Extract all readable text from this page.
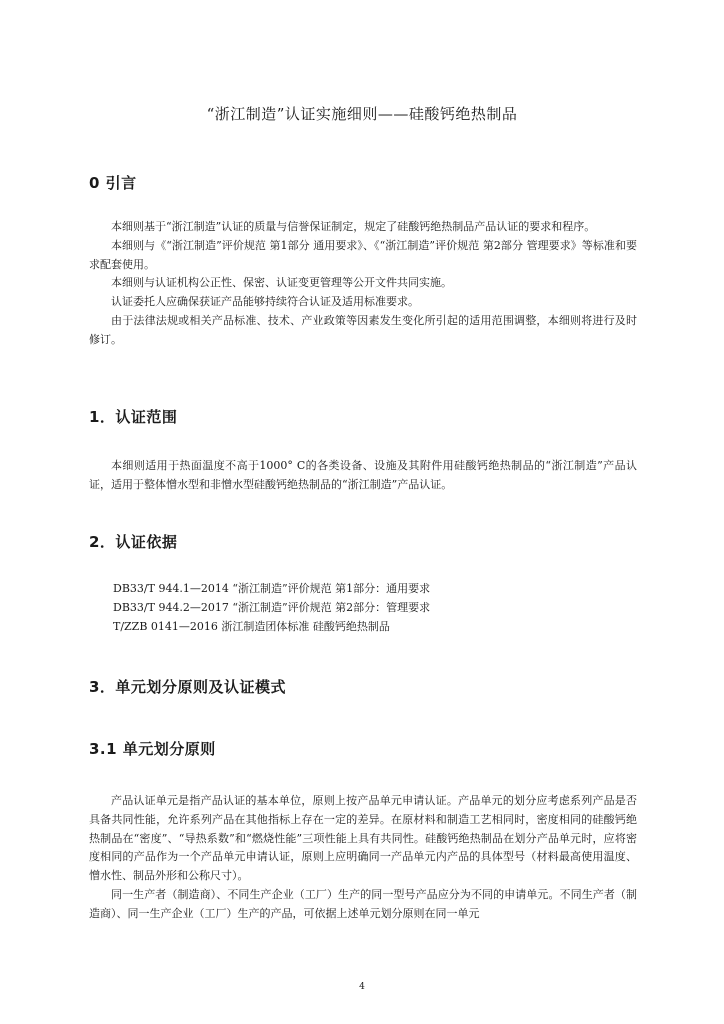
“浙江制造”认证实施细则——硅酸钙绝热制品
0 引言

本细则基于“浙江制造”认证的质量与信誉保证制定，规定了硅酸钙绝热制品产品认证的要求和程序。

本细则与《“浙江制造”评价规范 第1部分 通用要求》、《“浙江制造”评价规范 第2部分 管理要求》等标准和要求配套使用。

本细则与认证机构公正性、保密、认证变更管理等公开文件共同实施。

认证委托人应确保获证产品能够持续符合认证及适用标准要求。

由于法律法规或相关产品标准、技术、产业政策等因素发生变化所引起的适用范围调整，本细则将进行及时修订。

1．认证范围

本细则适用于热面温度不高于1000° C的各类设备、设施及其附件用硅酸钙绝热制品的“浙江制造”产品认证，适用于整体憎水型和非憎水型硅酸钙绝热制品的“浙江制造”产品认证。

2．认证依据
DB33/T 944.1—2014 “浙江制造”评价规范 第1部分：通用要求
DB33/T 944.2—2017 “浙江制造”评价规范 第2部分：管理要求
T/ZZB 0141—2016 浙江制造团体标准 硅酸钙绝热制品
3．单元划分原则及认证模式
3.1 单元划分原则

产品认证单元是指产品认证的基本单位，原则上按产品单元申请认证。产品单元的划分应考虑系列产品是否具备共同性能，允许系列产品在其他指标上存在一定的差异。在原材料和制造工艺相同时，密度相同的硅酸钙绝热制品在“密度”、“导热系数”和“燃烧性能”三项性能上具有共同性。硅酸钙绝热制品在划分产品单元时，应将密度相同的产品作为一个产品单元申请认证，原则上应明确同一产品单元内产品的具体型号（材料最高使用温度、憎水性、制品外形和公称尺寸）。

同一生产者（制造商）、不同生产企业（工厂）生产的同一型号产品应分为不同的申请单元。不同生产者（制造商）、同一生产企业（工厂）生产的产品，可依据上述单元划分原则在同一单元

4
